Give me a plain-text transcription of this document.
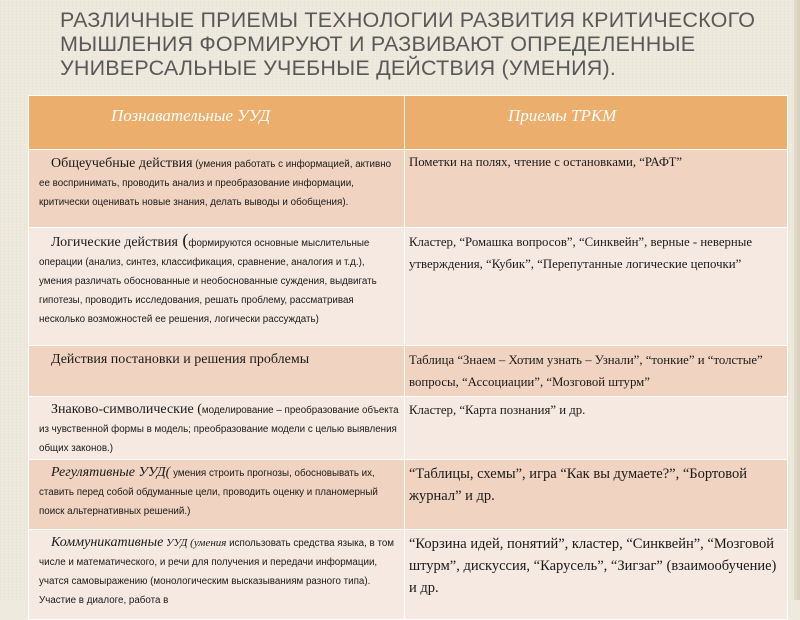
РАЗЛИЧНЫЕ ПРИЕМЫ ТЕХНОЛОГИИ РАЗВИТИЯ КРИТИЧЕСКОГО МЫШЛЕНИЯ ФОРМИРУЮТ И РАЗВИВАЮТ ОПРЕДЕЛЕННЫЕ УНИВЕРСАЛЬНЫЕ УЧЕБНЫЕ ДЕЙСТВИЯ (УМЕНИЯ).
Познавательные УУД	Приемы ТРКМ
Общеучебные действия (умения работать с информацией, активно ее воспринимать, проводить анализ и преобразование информации, критически оценивать новые знания, делать выводы и обобщения).	Пометки на полях, чтение с остановками, “РАФТ”
Логические действия (формируются основные мыслительные операции (анализ, синтез, классификация, сравнение, аналогия и т.д.), умения различать обоснованные и необоснованные суждения, выдвигать гипотезы, проводить исследования, решать проблему, рассматривая несколько возможностей ее решения, логически рассуждать)	Кластер, “Ромашка вопросов”, “Синквейн”, верные - неверные утверждения, “Кубик”, “Перепутанные логические цепочки”
Действия постановки и решения проблемы	Таблица “Знаем – Хотим узнать – Узнали”, “тонкие” и “толстые” вопросы, “Ассоциации”, “Мозговой штурм”
Знаково-символические (моделирование – преобразование объекта из чувственной формы в модель; преобразование модели с целью выявления общих законов.)	Кластер, “Карта познания” и др.
Регулятивные УУД( умения строить прогнозы, обосновывать их, ставить перед собой обдуманные цели, проводить оценку и планомерный поиск альтернативных решений.)	“Таблицы, схемы”, игра “Как вы думаете?”, “Бортовой журнал” и др.
Коммуникативные УУД (умения использовать средства языка, в том числе и математического, и речи для получения и передачи информации, учатся самовыражению (монологическим высказываниям разного типа). Участие в диалоге, работа в	“Корзина идей, понятий”, кластер, “Синквейн”, “Мозговой штурм”, дискуссия, “Карусель”, “Зигзаг” (взаимообучение) и др.
